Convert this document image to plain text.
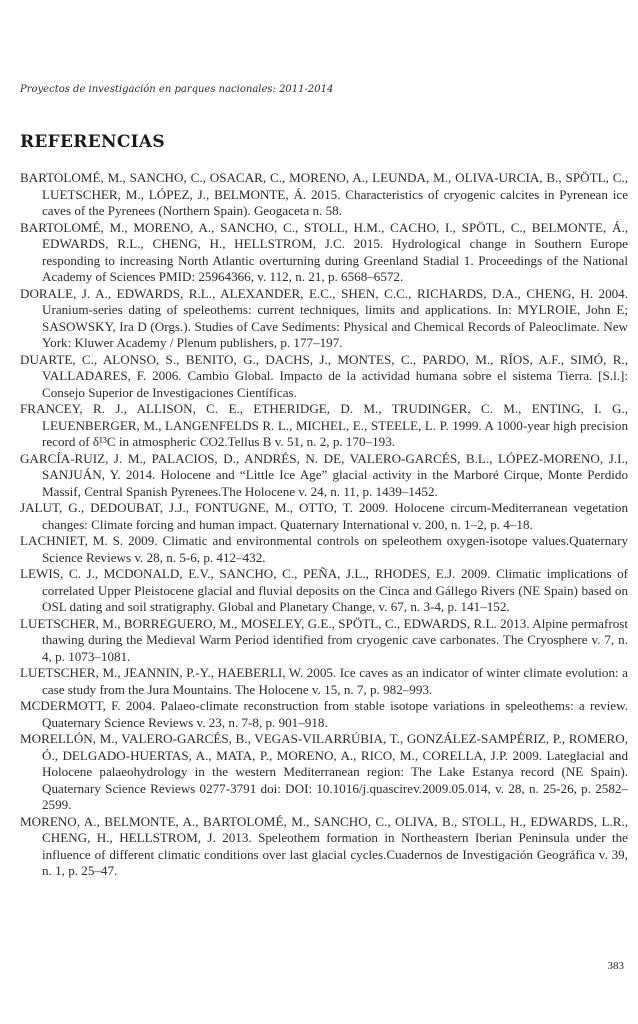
Proyectos de investigación en parques nacionales: 2011-2014
REFERENCIAS
BARTOLOMÉ, M., SANCHO, C., OSACAR, C., MORENO, A., LEUNDA, M., OLIVA-URCIA, B., SPÖTL, C., LUETSCHER, M., LÓPEZ, J., BELMONTE, Á. 2015. Characteristics of cryogenic calcites in Pyrenean ice caves of the Pyrenees (Northern Spain). Geogaceta n. 58.
BARTOLOMÉ, M., MORENO, A., SANCHO, C., STOLL, H.M., CACHO, I., SPÖTL, C., BELMONTE, Á., EDWARDS, R.L., CHENG, H., HELLSTROM, J.C. 2015. Hydrological change in Southern Europe responding to increasing North Atlantic overturning during Greenland Stadial 1. Proceedings of the National Academy of Sciences PMID: 25964366, v. 112, n. 21, p. 6568–6572.
DORALE, J. A., EDWARDS, R.L., ALEXANDER, E.C., SHEN, C.C., RICHARDS, D.A., CHENG, H. 2004. Uranium-series dating of speleothems: current techniques, limits and applications. In: MYLROIE, John E; SASOWSKY, Ira D (Orgs.). Studies of Cave Sediments: Physical and Chemical Records of Paleoclimate. New York: Kluwer Academy / Plenum publishers, p. 177–197.
DUARTE, C., ALONSO, S., BENITO, G., DACHS, J., MONTES, C., PARDO, M., RÍOS, A.F., SIMÓ, R., VALLADARES, F. 2006. Cambio Global. Impacto de la actividad humana sobre el sistema Tierra. [S.l.]: Consejo Superior de Investigaciones Científicas.
FRANCEY, R. J., ALLISON, C. E., ETHERIDGE, D. M., TRUDINGER, C. M., ENTING, I. G., LEUENBERGER, M., LANGENFELDS R. L., MICHEL, E., STEELE, L. P. 1999. A 1000-year high precision record of δ¹³C in atmospheric CO2.Tellus B v. 51, n. 2, p. 170–193.
GARCÍA-RUIZ, J. M., PALACIOS, D., ANDRÉS, N. DE, VALERO-GARCÉS, B.L., LÓPEZ-MORENO, J.I., SANJUÁN, Y. 2014. Holocene and “Little Ice Age” glacial activity in the Marboré Cirque, Monte Perdido Massif, Central Spanish Pyrenees.The Holocene v. 24, n. 11, p. 1439–1452.
JALUT, G., DEDOUBAT, J.J., FONTUGNE, M., OTTO, T. 2009. Holocene circum-Mediterranean vegetation changes: Climate forcing and human impact. Quaternary International v. 200, n. 1–2, p. 4–18.
LACHNIET, M. S. 2009. Climatic and environmental controls on speleothem oxygen-isotope values.Quaternary Science Reviews v. 28, n. 5-6, p. 412–432.
LEWIS, C. J., MCDONALD, E.V., SANCHO, C., PEÑA, J.L., RHODES, E.J. 2009. Climatic implications of correlated Upper Pleistocene glacial and fluvial deposits on the Cinca and Gállego Rivers (NE Spain) based on OSL dating and soil stratigraphy. Global and Planetary Change, v. 67, n. 3-4, p. 141–152.
LUETSCHER, M., BORREGUERO, M., MOSELEY, G.E., SPÖTL, C., EDWARDS, R.L. 2013. Alpine permafrost thawing during the Medieval Warm Period identified from cryogenic cave carbonates. The Cryosphere v. 7, n. 4, p. 1073–1081.
LUETSCHER, M., JEANNIN, P.-Y., HAEBERLI, W. 2005. Ice caves as an indicator of winter climate evolution: a case study from the Jura Mountains. The Holocene v. 15, n. 7, p. 982–993.
MCDERMOTT, F. 2004. Palaeo-climate reconstruction from stable isotope variations in speleothems: a review. Quaternary Science Reviews v. 23, n. 7-8, p. 901–918.
MORELLÓN, M., VALERO-GARCÉS, B., VEGAS-VILARRÚBIA, T., GONZÁLEZ-SAMPÉRIZ, P., ROMERO, Ó., DELGADO-HUERTAS, A., MATA, P., MORENO, A., RICO, M., CORELLA, J.P. 2009. Lateglacial and Holocene palaeohydrology in the western Mediterranean region: The Lake Estanya record (NE Spain). Quaternary Science Reviews 0277-3791 doi: DOI: 10.1016/j.quascirev.2009.05.014, v. 28, n. 25-26, p. 2582–2599.
MORENO, A., BELMONTE, A., BARTOLOMÉ, M., SANCHO, C., OLIVA, B., STOLL, H., EDWARDS, L.R., CHENG, H., HELLSTROM, J. 2013. Speleothem formation in Northeastern Iberian Peninsula under the influence of different climatic conditions over last glacial cycles.Cuadernos de Investigación Geográfica v. 39, n. 1, p. 25–47.
383
